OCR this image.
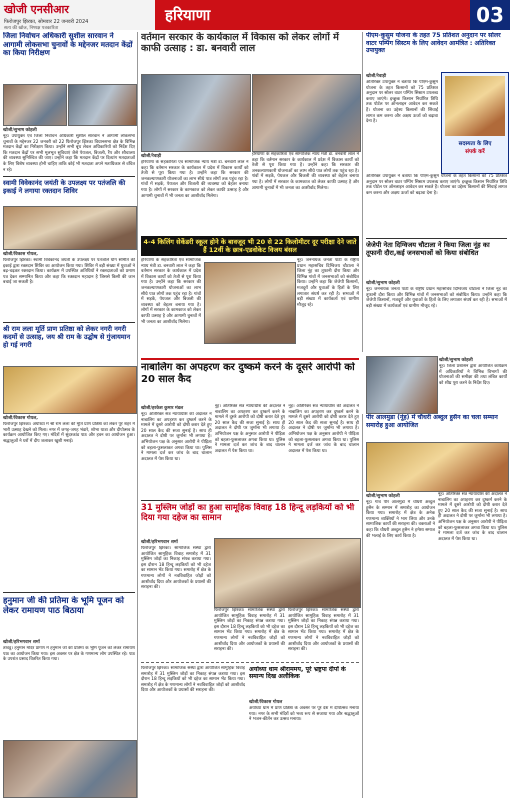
खोजी एनसीआर
फिरोजपुर झिरका, सोमवार 22 जनवरी 2024
सत्य की खोज, निष्पक्ष पत्रकारिता
हरियाणा	03
जिला निर्वाचन अधिकारी सुशील सारवान ने आगामी लोकसभा चुनावों के मद्देनजर मतदान केंद्रों का किया निरीक्षण
खोजी/सुभाष कोहली
नूंह। उपायुक्त एवं जिला निर्वाचन अधिकारी सुशील सारवान ने आगामी लोकसभा चुनावों के मद्देनजर 22 जनवरी को 22 फिरोजपुर झिरका विधानसभा क्षेत्र के विभिन्न मतदान केंद्रों का निरीक्षण किया। उन्होंने सभी बूथ लेवल अधिकारियों को निर्देश दिए कि मतदान केंद्रों पर सभी मूलभूत सुविधाएं जैसे पेयजल, बिजली, रैंप और शौचालय की व्यवस्था सुनिश्चित की जाए। उन्होंने कहा कि मतदान केंद्रों पर दिव्यांग मतदाताओं के लिए विशेष व्यवस्था होनी चाहिए ताकि कोई भी मतदाता अपने मताधिकार से वंचित न रहे।
स्वामी विवेकानंद जयंती के उपलक्ष्य पर पतंजलि की इकाई ने लगाया रक्तदान शिविर
खोजी/विकास गोयल,
फिरोजपुर झिरका। स्वामी विवेकानंद जयंती के उपलक्ष्य पर पतंजलि योग समिति की इकाई द्वारा रक्तदान शिविर का आयोजन किया गया। शिविर में बड़ी संख्या में युवाओं ने बढ़-चढ़कर रक्तदान किया। कार्यक्रम में उपस्थित अतिथियों ने रक्तदाताओं को प्रमाण पत्र देकर सम्मानित किया और कहा कि रक्तदान महादान है जिससे किसी की जान बचाई जा सकती है।
श्री राम लला मूर्ति प्राण प्रतिष्ठा को लेकर नगरी नगरी कदमों से उत्साह, जय श्री राम के उद्घोष से गुंजायमान हो गई नगरी
खोजी/विकास गोयल,
फिरोजपुर झिरका। अयोध्या में श्री राम लला की मूर्ति प्राण प्रतिष्ठा को लेकर पूरे शहर में भारी उत्साह देखने को मिला। नगर में जगह-जगह भंडारे, शोभा यात्रा और दीपोत्सव के कार्यक्रम आयोजित किए गए। मंदिरों में सुंदरकांड पाठ और हवन का आयोजन हुआ। श्रद्धालुओं ने घरों में दीप जलाकर खुशी मनाई।
हनुमान जी की प्रतिमा के भूमि पूजन को लेकर रामायण पाठ बिठाया
खोजी/हरिभगवान शर्मा
तावडू। हनुमान मंदिर प्रांगण में हनुमान जी की प्रतिमा के भूमि पूजन को लेकर रामायण पाठ का आयोजन किया गया। इस अवसर पर क्षेत्र के गणमान्य लोग उपस्थित रहे। पाठ के उपरांत प्रसाद वितरित किया गया।
वर्तमान सरकार के कार्यकाल में विकास को लेकर लोगों में काफी उत्साह : डा. बनवारी लाल
खोजी/रेवाड़ी
हरियाणा के सहकारिता एवं सामाजिक न्याय मंत्री डा. बनवारी लाल ने कहा कि वर्तमान सरकार के कार्यकाल में प्रदेश में विकास कार्यों को तेजी से पूरा किया गया है। उन्होंने कहा कि सरकार की जनकल्याणकारी योजनाओं का लाभ सीधे पात्र लोगों तक पहुंच रहा है। गांवों में सड़कें, पेयजल और बिजली की व्यवस्था को बेहतर बनाया गया है। लोगों में सरकार के कामकाज को लेकर काफी उत्साह है और आगामी चुनावों में भी जनता का आशीर्वाद मिलेगा।
हरियाणा के सहकारिता एवं सामाजिक न्याय मंत्री डा. बनवारी लाल ने कहा कि वर्तमान सरकार के कार्यकाल में प्रदेश में विकास कार्यों को तेजी से पूरा किया गया है। उन्होंने कहा कि सरकार की जनकल्याणकारी योजनाओं का लाभ सीधे पात्र लोगों तक पहुंच रहा है। गांवों में सड़कें, पेयजल और बिजली की व्यवस्था को बेहतर बनाया गया है। लोगों में सरकार के कामकाज को लेकर काफी उत्साह है और आगामी चुनावों में भी जनता का आशीर्वाद मिलेगा।
4-4 किलिंग सेकेंडरी स्कूल होने के बावजूद भी 20 से 22 किलोमीटर दूर परीक्षा देने जाते हैं 12वीं के छात्र-एडवोकेट विजय बंसल
हरियाणा के सहकारिता एवं सामाजिक न्याय मंत्री डा. बनवारी लाल ने कहा कि वर्तमान सरकार के कार्यकाल में प्रदेश में विकास कार्यों को तेजी से पूरा किया गया है। उन्होंने कहा कि सरकार की जनकल्याणकारी योजनाओं का लाभ सीधे पात्र लोगों तक पहुंच रहा है। गांवों में सड़कें, पेयजल और बिजली की व्यवस्था को बेहतर बनाया गया है। लोगों में सरकार के कामकाज को लेकर काफी उत्साह है और आगामी चुनावों में भी जनता का आशीर्वाद मिलेगा।
नूंह। जननायक जनता पार्टी के राष्ट्रीय प्रधान महासचिव दिग्विजय चौटाला ने जिला नूंह का तूफानी दौरा किया और विभिन्न गांवों में जनसभाओं को संबोधित किया। उन्होंने कहा कि जेजेपी किसानों, मजदूरों और युवाओं के हितों के लिए लगातार संघर्ष कर रही है। सभाओं में बड़ी संख्या में कार्यकर्ता एवं ग्रामीण मौजूद रहे।
पीएम-कुसुम योजना के तहत 75 प्रतिशत अनुदान पर सोलर वाटर पम्पिंग सिस्टम के लिए आवेदन आमंत्रित : अतिरिक्त उपायुक्त
खोजी/रेवाड़ी
अतिरिक्त उपायुक्त ने बताया कि पीएम-कुसुम योजना के तहत किसानों को 75 प्रतिशत अनुदान पर सोलर वाटर पम्पिंग सिस्टम उपलब्ध कराए जाएंगे। इच्छुक किसान निर्धारित तिथि तक पोर्टल पर ऑनलाइन आवेदन कर सकते हैं। योजना का उद्देश्य किसानों की सिंचाई लागत कम करना और अक्षय ऊर्जा को बढ़ावा देना है।
सदस्यता के लिए
संपर्क करें
अतिरिक्त उपायुक्त ने बताया कि पीएम-कुसुम योजना के तहत किसानों को 75 प्रतिशत अनुदान पर सोलर वाटर पम्पिंग सिस्टम उपलब्ध कराए जाएंगे। इच्छुक किसान निर्धारित तिथि तक पोर्टल पर ऑनलाइन आवेदन कर सकते हैं। योजना का उद्देश्य किसानों की सिंचाई लागत कम करना और अक्षय ऊर्जा को बढ़ावा देना है।
जेजेपी नेता दिग्विजय चौटाला ने किया जिला नूंह का तूफानी दौरा,कई जनसभाओं को किया संबोधित
खोजी/सुभाष कोहली
नूंह। जननायक जनता पार्टी के राष्ट्रीय प्रधान महासचिव दिग्विजय चौटाला ने जिला नूंह का तूफानी दौरा किया और विभिन्न गांवों में जनसभाओं को संबोधित किया। उन्होंने कहा कि जेजेपी किसानों, मजदूरों और युवाओं के हितों के लिए लगातार संघर्ष कर रही है। सभाओं में बड़ी संख्या में कार्यकर्ता एवं ग्रामीण मौजूद रहे।
खोजी/सुभाष कोहली
नूंह। जिला प्रशासन द्वारा आयोजित कार्यक्रम में अधिकारियों ने विभिन्न विभागों की योजनाओं की समीक्षा की तथा लंबित कार्यों को शीघ्र पूरा करने के निर्देश दिए।
नाबालिग का अपहरण कर दुष्कर्म करने के दूसरे आरोपी को 20 साल कैद
खोजी/हरकेश कुमार मंडल
नूंह। अतिरिक्त सत्र न्यायाधीश की अदालत ने नाबालिग का अपहरण कर दुष्कर्म करने के मामले में दूसरे आरोपी को दोषी करार देते हुए 20 साल कैद की सजा सुनाई है। साथ ही अदालत ने दोषी पर जुर्माना भी लगाया है। अभियोजन पक्ष के अनुसार आरोपी ने पीड़िता को बहला-फुसलाकर अगवा किया था। पुलिस ने मामला दर्ज कर जांच के बाद चालान अदालत में पेश किया था।
नूंह। अतिरिक्त सत्र न्यायाधीश की अदालत ने नाबालिग का अपहरण कर दुष्कर्म करने के मामले में दूसरे आरोपी को दोषी करार देते हुए 20 साल कैद की सजा सुनाई है। साथ ही अदालत ने दोषी पर जुर्माना भी लगाया है। अभियोजन पक्ष के अनुसार आरोपी ने पीड़िता को बहला-फुसलाकर अगवा किया था। पुलिस ने मामला दर्ज कर जांच के बाद चालान अदालत में पेश किया था।
नूंह। अतिरिक्त सत्र न्यायाधीश की अदालत ने नाबालिग का अपहरण कर दुष्कर्म करने के मामले में दूसरे आरोपी को दोषी करार देते हुए 20 साल कैद की सजा सुनाई है। साथ ही अदालत ने दोषी पर जुर्माना भी लगाया है। अभियोजन पक्ष के अनुसार आरोपी ने पीड़िता को बहला-फुसलाकर अगवा किया था। पुलिस ने मामला दर्ज कर जांच के बाद चालान अदालत में पेश किया था।
पीर आलमुडा (नूंह) में चौधरी अब्दुल हुसैन का चला सम्मान समारोह हुआ आयोजित
खोजी/सुभाष कोहली
नूंह। गांव पीर आलमुडा में चौधरी अब्दुल हुसैन के सम्मान में समारोह का आयोजन किया गया। समारोह में क्षेत्र के अनेक गणमान्य व्यक्तियों ने भाग लिया और उनके सामाजिक कार्यों की सराहना की। वक्ताओं ने कहा कि चौधरी अब्दुल हुसैन ने हमेशा समाज की भलाई के लिए कार्य किया है।
नूंह। अतिरिक्त सत्र न्यायाधीश की अदालत ने नाबालिग का अपहरण कर दुष्कर्म करने के मामले में दूसरे आरोपी को दोषी करार देते हुए 20 साल कैद की सजा सुनाई है। साथ ही अदालत ने दोषी पर जुर्माना भी लगाया है। अभियोजन पक्ष के अनुसार आरोपी ने पीड़िता को बहला-फुसलाकर अगवा किया था। पुलिस ने मामला दर्ज कर जांच के बाद चालान अदालत में पेश किया था।
31 मुस्लिम जोड़ों का हुआ सामूहिक विवाह 18 हिन्दू लड़कियों को भी दिया गया दहेज का सामान
खोजी/हरिभगवान शर्मा
फिरोजपुर झिरका। सामाजिक संस्था द्वारा आयोजित सामूहिक विवाह समारोह में 31 मुस्लिम जोड़ों का निकाह संपन्न कराया गया। इस दौरान 18 हिन्दू लड़कियों को भी दहेज का सामान भेंट किया गया। समारोह में क्षेत्र के गणमान्य लोगों ने नवविवाहित जोड़ों को आशीर्वाद दिया और आयोजकों के प्रयासों की सराहना की।
फिरोजपुर झिरका। सामाजिक संस्था द्वारा आयोजित सामूहिक विवाह समारोह में 31 मुस्लिम जोड़ों का निकाह संपन्न कराया गया। इस दौरान 18 हिन्दू लड़कियों को भी दहेज का सामान भेंट किया गया। समारोह में क्षेत्र के गणमान्य लोगों ने नवविवाहित जोड़ों को आशीर्वाद दिया और आयोजकों के प्रयासों की सराहना की।
फिरोजपुर झिरका। सामाजिक संस्था द्वारा आयोजित सामूहिक विवाह समारोह में 31 मुस्लिम जोड़ों का निकाह संपन्न कराया गया। इस दौरान 18 हिन्दू लड़कियों को भी दहेज का सामान भेंट किया गया। समारोह में क्षेत्र के गणमान्य लोगों ने नवविवाहित जोड़ों को आशीर्वाद दिया और आयोजकों के प्रयासों की सराहना की।
फिरोजपुर झिरका। सामाजिक संस्था द्वारा आयोजित सामूहिक विवाह समारोह में 31 मुस्लिम जोड़ों का निकाह संपन्न कराया गया। इस दौरान 18 हिन्दू लड़कियों को भी दहेज का सामान भेंट किया गया। समारोह में क्षेत्र के गणमान्य लोगों ने नवविवाहित जोड़ों को आशीर्वाद दिया और आयोजकों के प्रयासों की सराहना की।
अयोध्या धाम श्रीराममय, पूरे भ्रष्ट्रपा दीपों के समान्य दिख अलौकिक
खोजी/विकास गोयल
अयोध्या धाम में प्राण प्रतिष्ठा के अवसर पर पूरे देश में दीपोत्सव मनाया गया। नगर के सभी मंदिरों को भव्य रूप से सजाया गया और श्रद्धालुओं ने भजन-कीर्तन कर उत्सव मनाया।
